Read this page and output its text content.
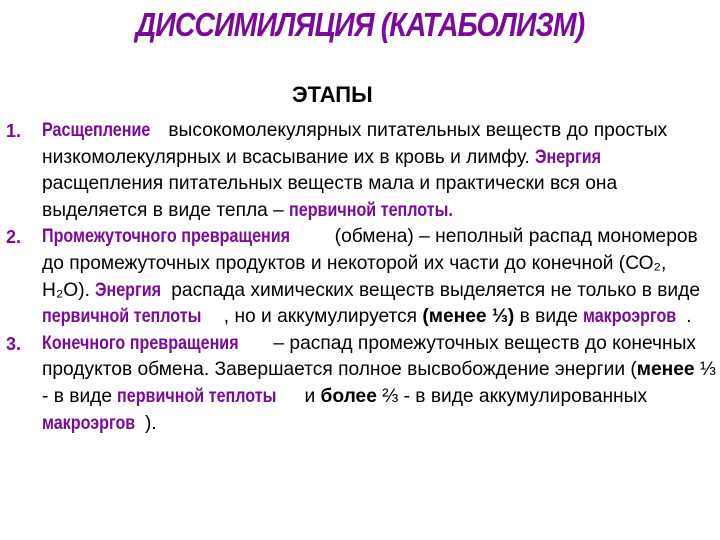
ДИССИМИЛЯЦИЯ (КАТАБОЛИЗМ)
ЭТАПЫ
1. Расщепление высокомолекулярных питательных веществ до простых низкомолекулярных и всасывание их в кровь и лимфу. Энергия расщепления питательных веществ мала и практически вся она выделяется в виде тепла – первичной теплоты.
2. Промежуточного превращения (обмена) – неполный распад мономеров до промежуточных продуктов и некоторой их части до конечной (СО₂, Н₂О). Энергия распада химических веществ выделяется не только в виде первичной теплоты , но и аккумулируется (менее ⅓) в виде макроэргов .
3. Конечного превращения – распад промежуточных веществ до конечных продуктов обмена. Завершается полное высвобождение энергии (менее ⅓ - в виде первичной теплоты и более ⅔ - в виде аккумулированных макроэргов ).
